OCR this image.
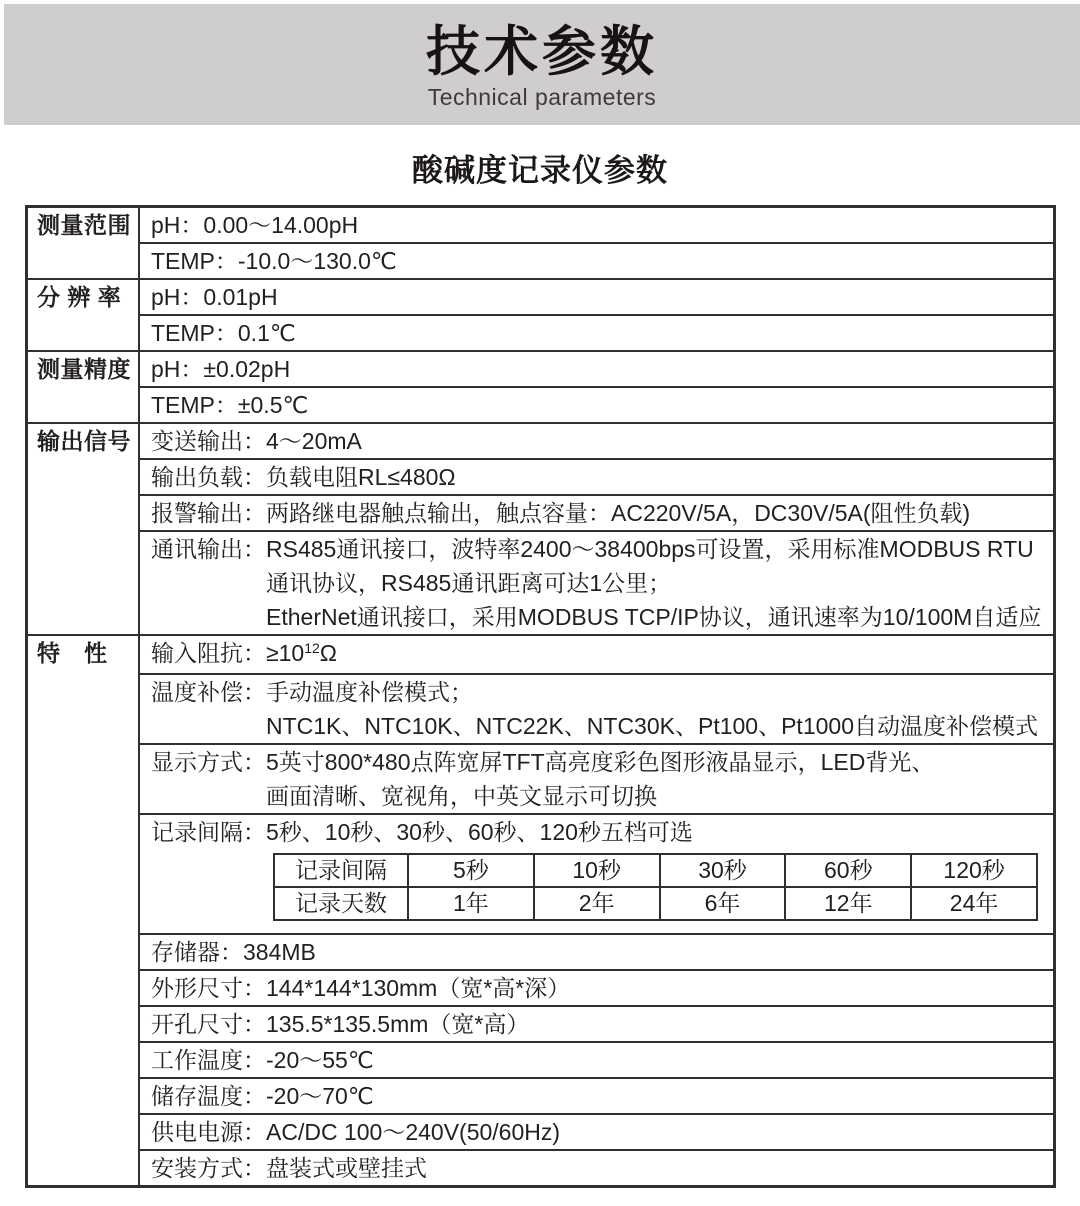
技术参数
Technical parameters
酸碱度记录仪参数
测量范围 pH： 0.00～14.00pH
TEMP： -10.0～130.0℃
分 辨 率	pH： 0.01pH
TEMP： 0.1℃
测量精度 pH： ±0.02pH
TEMP： ±0.5℃
输出信号 变送输出： 4～20mA
输出负载： 负载电阻RL≤480Ω
报警输出： 两路继电器触点输出，触点容量：AC220V/5A，DC30V/5A(阻性负载)
通讯输出： RS485通讯接口，波特率2400～38400bps可设置，采用标准MODBUS RTU
通讯协议，RS485通讯距离可达1公里；
EtherNet通讯接口，采用MODBUS TCP/IP协议，通讯速率为10/100M自适应
特　性	输入阻抗： $\ge 10^{12}\Omega$
温度补偿： 手动温度补偿模式；
NTC1K、NTC10K、NTC22K、NTC30K、Pt100、Pt1000自动温度补偿模式
显示方式： 5英寸800*480点阵宽屏TFT高亮度彩色图形液晶显示，LED背光、
画面清晰、宽视角，中英文显示可切换
记录间隔： 5秒、10秒、30秒、60秒、120秒五档可选
记录间隔	5秒	10秒	30秒	60秒	120秒
记录天数	1年	2年	6年	12年	24年
存储器： 384MB
外形尺寸： 144*144*130mm（宽*高*深）
开孔尺寸： 135.5*135.5mm（宽*高）
工作温度： -20～55℃
储存温度： -20～70℃
供电电源： AC/DC 100～240V(50/60Hz)
安装方式： 盘装式或壁挂式
